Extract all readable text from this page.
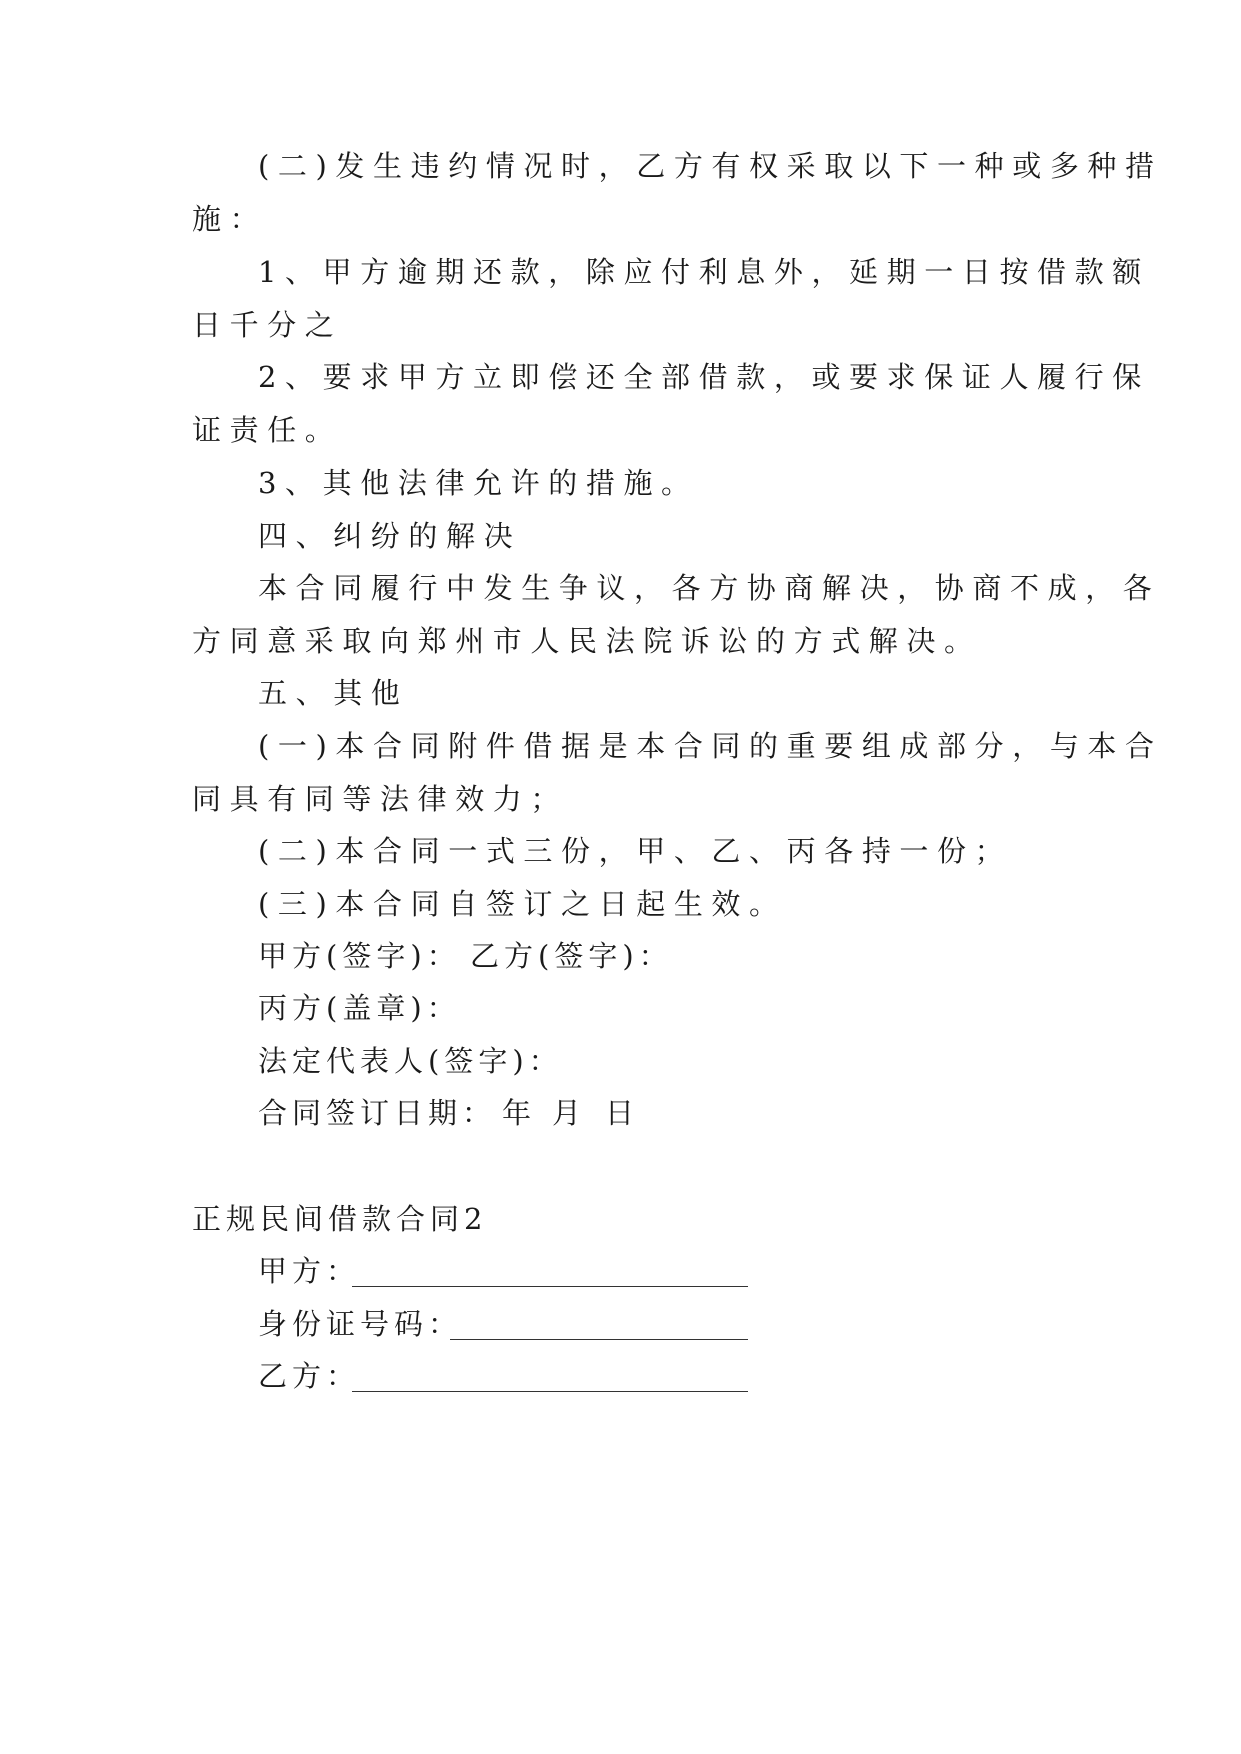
(二)发生违约情况时，乙方有权采取以下一种或多种措
施：
1、甲方逾期还款，除应付利息外，延期一日按借款额
日千分之
2、要求甲方立即偿还全部借款，或要求保证人履行保
证责任。
3、其他法律允许的措施。
四、纠纷的解决
本合同履行中发生争议，各方协商解决，协商不成，各
方同意采取向郑州市人民法院诉讼的方式解决。
五、其他
(一)本合同附件借据是本合同的重要组成部分，与本合
同具有同等法律效力；
(二)本合同一式三份，甲、乙、丙各持一份；
(三)本合同自签订之日起生效。
甲方(签字)： 乙方(签字)：
丙方(盖章)：
法定代表人(签字)：
合同签订日期： 年 月 日
正规民间借款合同2
甲方：
身份证号码：
乙方：
